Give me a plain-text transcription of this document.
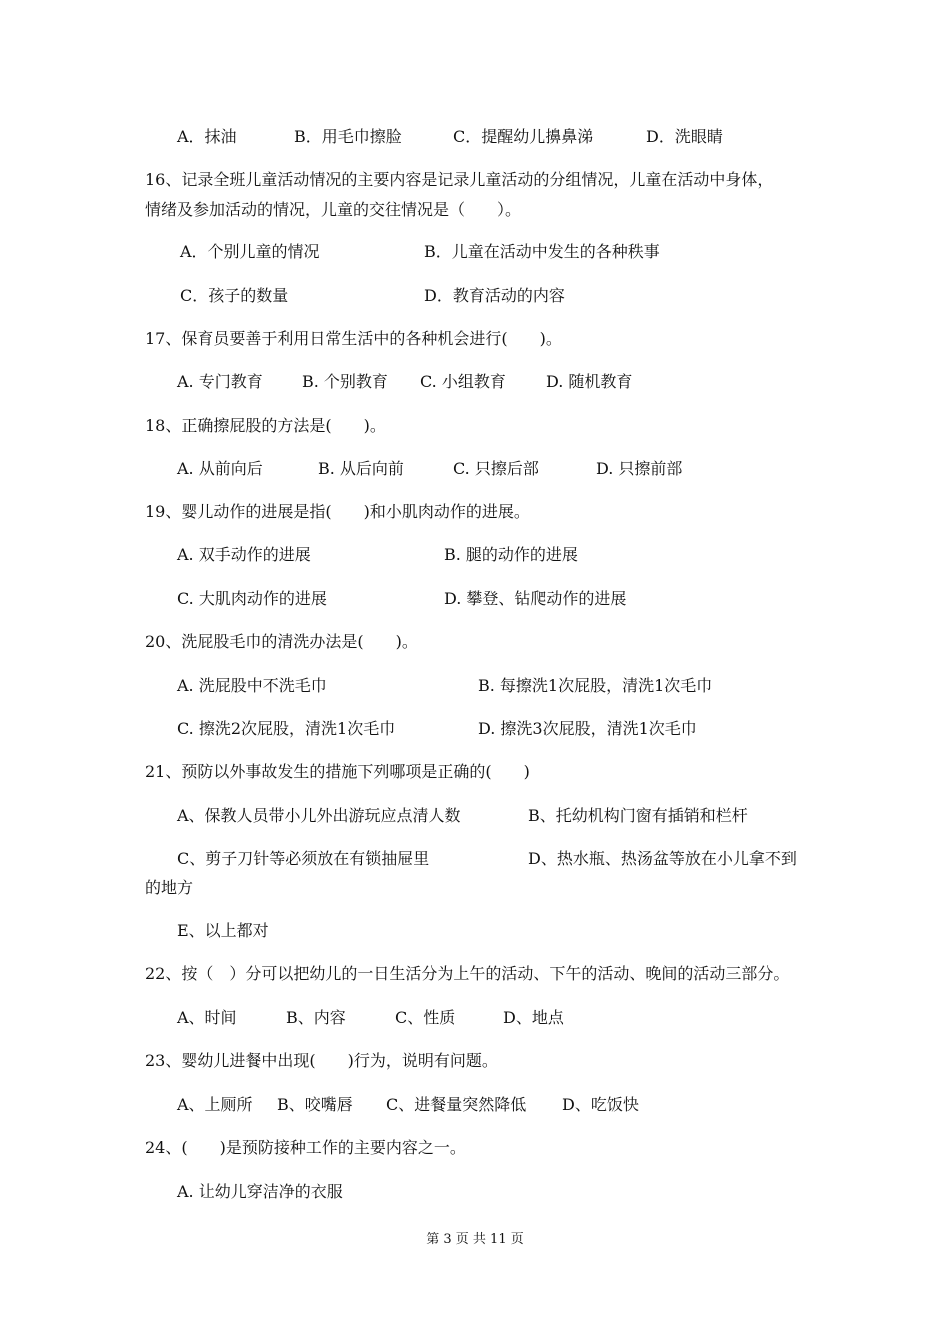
A．抹油	B．用毛巾擦脸	C．提醒幼儿擤鼻涕	D．洗眼睛
16、记录全班儿童活动情况的主要内容是记录儿童活动的分组情况，儿童在活动中身体，
情绪及参加活动的情况，儿童的交往情况是（　　）。
A．个别儿童的情况	B．儿童在活动中发生的各种秩事
C．孩子的数量	D．教育活动的内容
17、保育员要善于利用日常生活中的各种机会进行(　　)。
A. 专门教育 B. 个别教育 C. 小组教育	D. 随机教育
18、正确擦屁股的方法是(　　)。
A. 从前向后	B. 从后向前	C. 只擦后部	D. 只擦前部
19、婴儿动作的进展是指(　　)和小肌肉动作的进展。
A. 双手动作的进展	B. 腿的动作的进展
C. 大肌肉动作的进展	D. 攀登、钻爬动作的进展
20、洗屁股毛巾的清洗办法是(　　)。
A. 洗屁股中不洗毛巾	B. 每擦洗1次屁股，清洗1次毛巾
C. 擦洗2次屁股，清洗1次毛巾	D. 擦洗3次屁股，清洗1次毛巾
21、预防以外事故发生的措施下列哪项是正确的(　　)
A、保教人员带小儿外出游玩应点清人数	B、托幼机构门窗有插销和栏杆
C、剪子刀针等必须放在有锁抽屉里	D、热水瓶、热汤盆等放在小儿拿不到
的地方
E、以上都对
22、按（　）分可以把幼儿的一日生活分为上午的活动、下午的活动、晚间的活动三部分。
A、时间	B、内容	C、性质	D、地点
23、婴幼儿进餐中出现(　　)行为，说明有问题。
A、上厕所 B、咬嘴唇 C、进餐量突然降低 D、吃饭快
24、(　　)是预防接种工作的主要内容之一。
A. 让幼儿穿洁净的衣服
第 3 页 共 11 页
